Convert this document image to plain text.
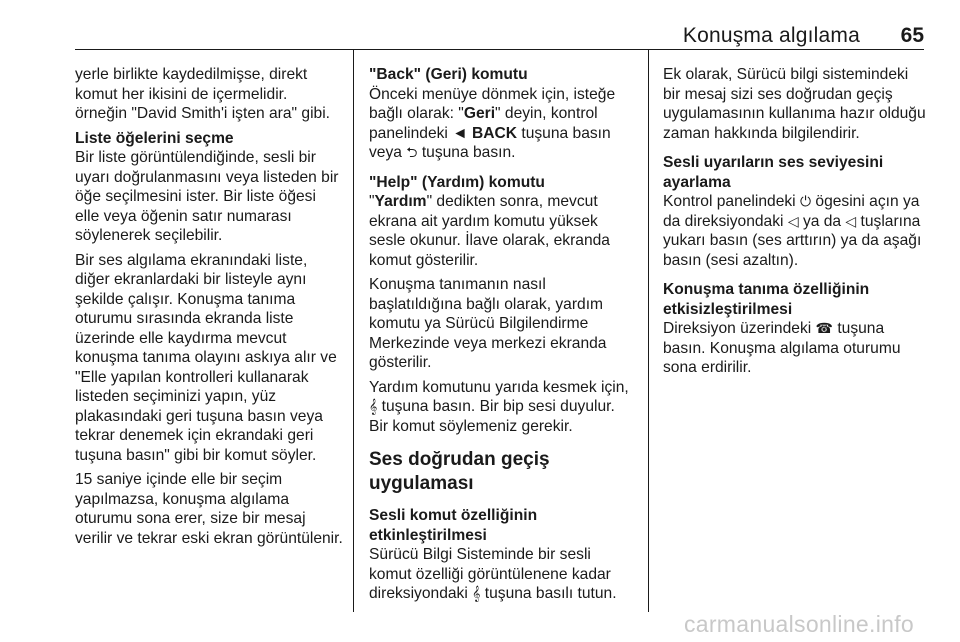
Konuşma algılama 65

yerle birlikte kaydedilmişse, direkt komut her ikisini de içermelidir. örneğin "David Smith'i işten ara" gibi.

Liste öğelerini seçme

Bir liste görüntülendiğinde, sesli bir uyarı doğrulanmasını veya listeden bir öğe seçilmesini ister. Bir liste öğesi elle veya öğenin satır numarası söylenerek seçilebilir.

Bir ses algılama ekranındaki liste, diğer ekranlardaki bir listeyle aynı şekilde çalışır. Konuşma tanıma oturumu sırasında ekranda liste üzerinde elle kaydırma mevcut konuşma tanıma olayını askıya alır ve "Elle yapılan kontrolleri kullanarak listeden seçiminizi yapın, yüz plakasındaki geri tuşuna basın veya tekrar denemek için ekrandaki geri tuşuna basın" gibi bir komut söyler.

15 saniye içinde elle bir seçim yapılmazsa, konuşma algılama oturumu sona erer, size bir mesaj verilir ve tekrar eski ekran görüntülenir.

"Back" (Geri) komutu

Önceki menüye dönmek için, isteğe bağlı olarak: "Geri" deyin, kontrol panelindeki ◄ BACK tuşuna basın veya ⮌ tuşuna basın.

"Help" (Yardım) komutu

"Yardım" dedikten sonra, mevcut ekrana ait yardım komutu yüksek sesle okunur. İlave olarak, ekranda komut gösterilir.

Konuşma tanımanın nasıl başlatıldığına bağlı olarak, yardım komutu ya Sürücü Bilgilendirme Merkezinde veya merkezi ekranda gösterilir.

Yardım komutunu yarıda kesmek için, 𝄞 tuşuna basın. Bir bip sesi duyulur. Bir komut söylemeniz gerekir.

Ses doğrudan geçiş uygulaması
Sesli komut özelliğinin etkinleştirilmesi

Sürücü Bilgi Sisteminde bir sesli komut özelliği görüntülenene kadar direksiyondaki 𝄞 tuşuna basılı tutun.

Ek olarak, Sürücü bilgi sistemindeki bir mesaj sizi ses doğrudan geçiş uygulamasının kullanıma hazır olduğu zaman hakkında bilgilendirir.

Sesli uyarıların ses seviyesini ayarlama

Kontrol panelindeki ⏻ ögesini açın ya da direksiyondaki ◁ ya da ◁ tuşlarına yukarı basın (ses arttırın) ya da aşağı basın (sesi azaltın).

Konuşma tanıma özelliğinin etkisizleştirilmesi

Direksiyon üzerindeki ☎ tuşuna basın. Konuşma algılama oturumu sona erdirilir.

carmanualsonline.info
